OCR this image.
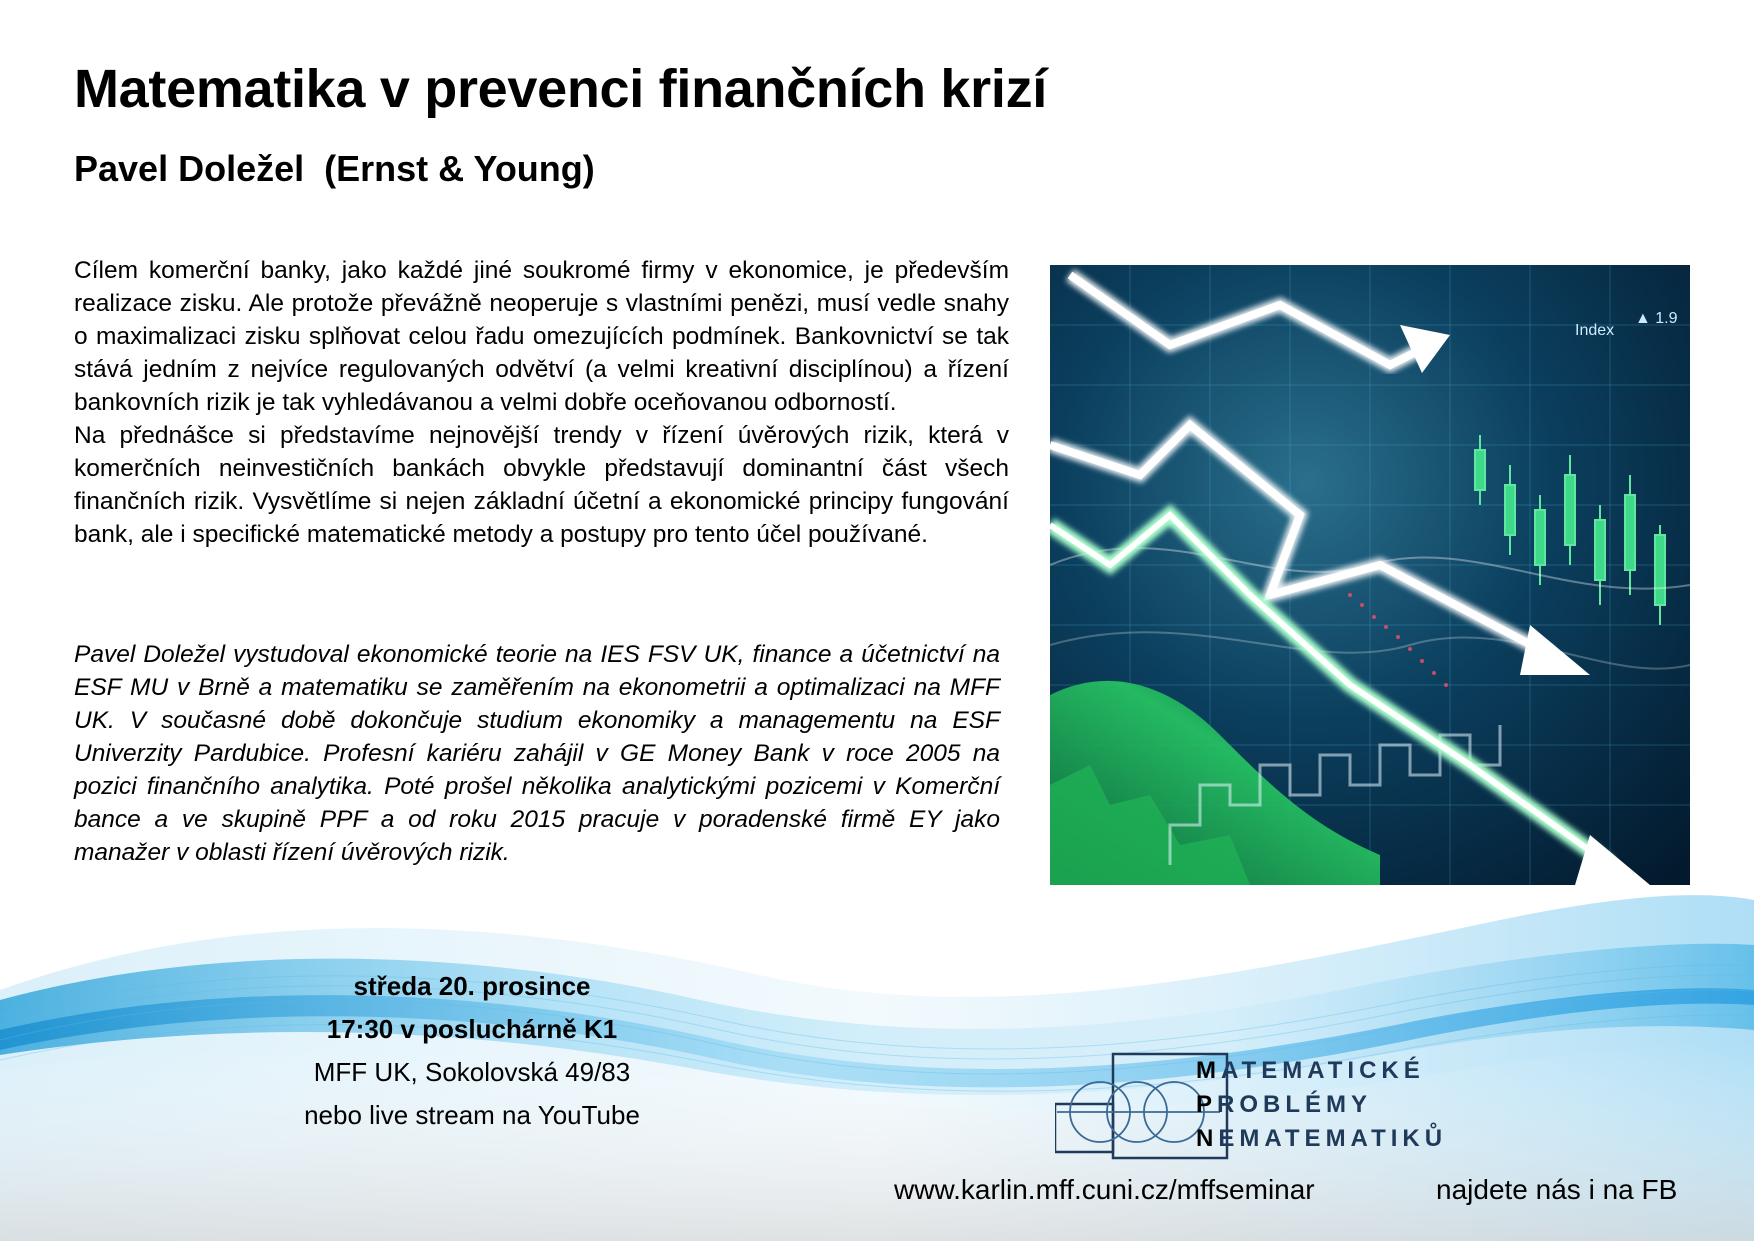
Matematika v prevenci finančních krizí
Pavel Doležel  (Ernst & Young)

Cílem komerční banky, jako každé jiné soukromé firmy v ekonomice, je především realizace zisku. Ale protože převážně neoperuje s vlastními penězi, musí vedle snahy o maximalizaci zisku splňovat celou řadu omezujících podmínek. Bankovnictví se tak stává jedním z nejvíce regulovaných odvětví (a velmi kreativní disciplínou) a řízení bankovních rizik je tak vyhledávanou a velmi dobře oceňovanou odborností.

Na přednášce si představíme nejnovější trendy v řízení úvěrových rizik, která v komerčních neinvestičních bankách obvykle představují dominantní část všech finančních rizik. Vysvětlíme si nejen základní účetní a ekonomické principy fungování bank, ale i specifické matematické metody a postupy pro tento účel používané.

Pavel Doležel vystudoval ekonomické teorie na IES FSV UK, finance a účetnictví na ESF MU v Brně a matematiku se zaměřením na ekonometrii a optimalizaci na MFF UK. V současné době dokončuje studium ekonomiky a managementu na ESF Univerzity Pardubice. Profesní kariéru zahájil v GE Money Bank v roce 2005 na pozici finančního analytika. Poté prošel několika analytickými pozicemi v Komerční bance a ve skupině PPF a od roku 2015 pracuje v poradenské firmě EY jako manažer v oblasti řízení úvěrových rizik.

Index
▲ 1.9
středa 20. prosince
17:30 v posluchárně K1
MFF UK, Sokolovská 49/83
nebo live stream na YouTube
MATEMATICKÉ
PROBLÉMY
NEMATEMATIKŮ
www.karlin.mff.cuni.cz/mffseminar	najdete nás i na FB
